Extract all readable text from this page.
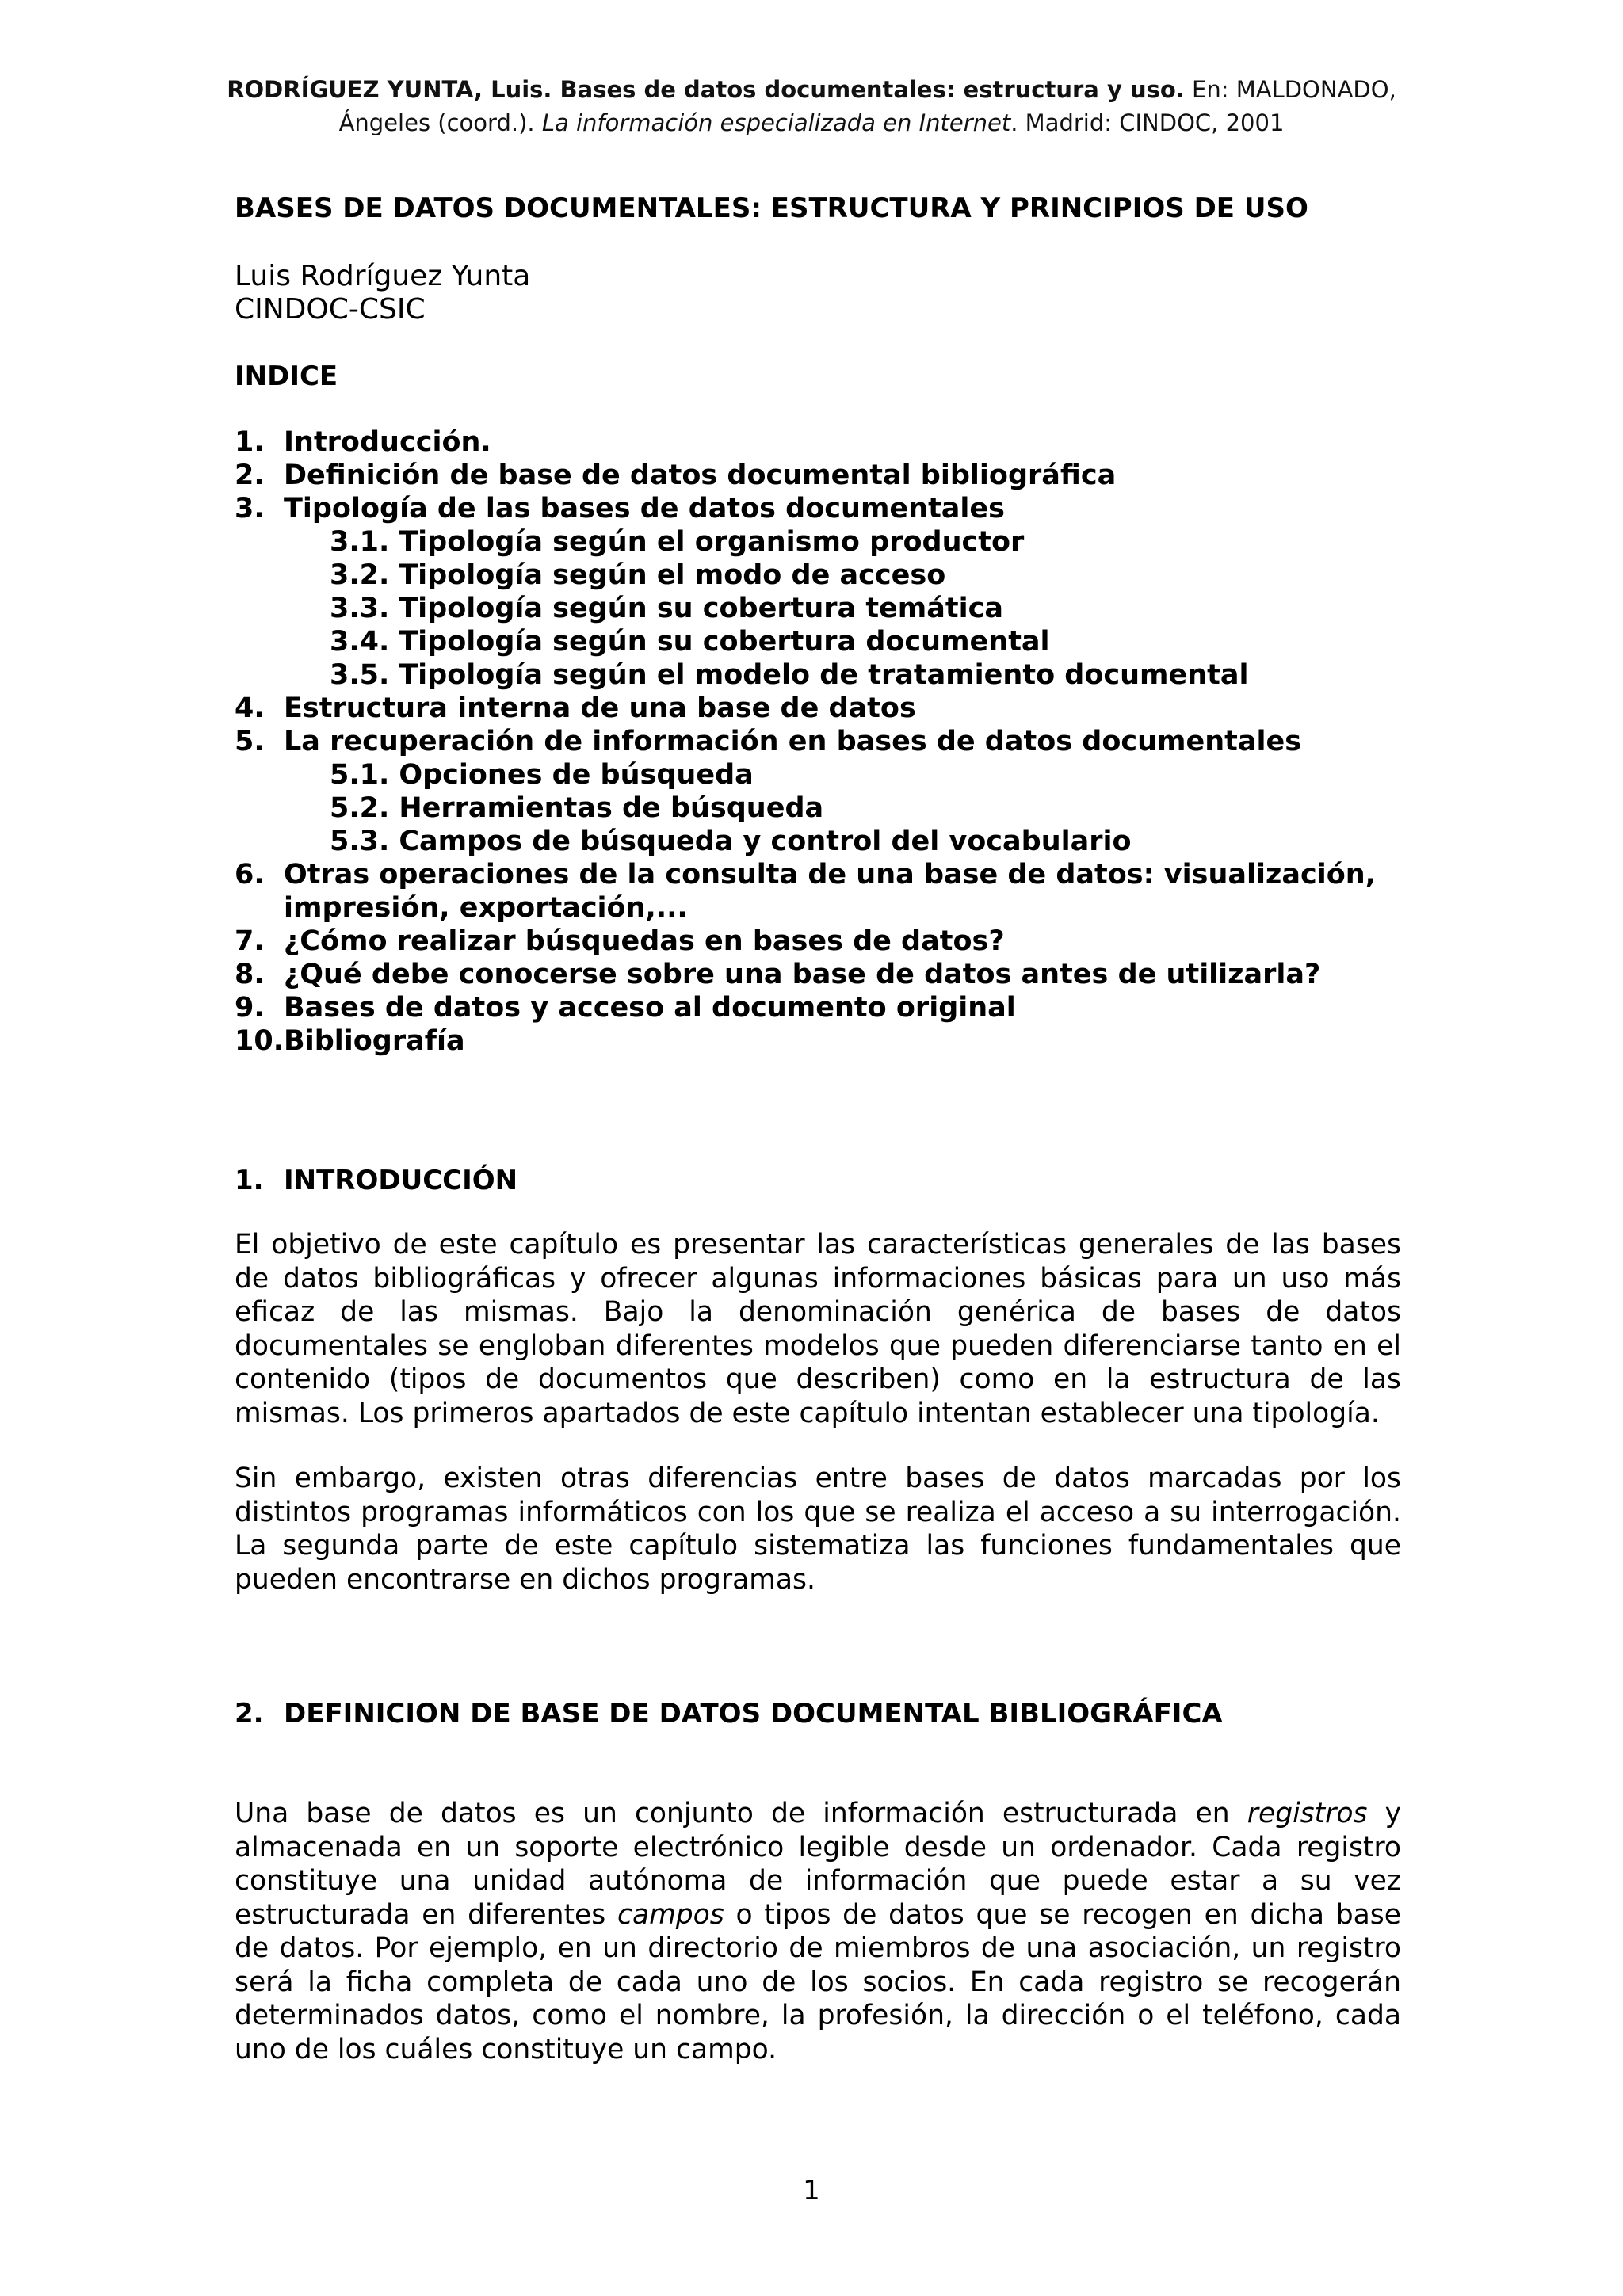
RODRÍGUEZ YUNTA, Luis. Bases de datos documentales: estructura y uso. En: MALDONADO,
Ángeles (coord.). La información especializada en Internet. Madrid: CINDOC, 2001
BASES DE DATOS DOCUMENTALES: ESTRUCTURA Y PRINCIPIOS DE USO
Luis Rodríguez Yunta
CINDOC-CSIC
INDICE
1. Introducción.
2. Definición de base de datos documental bibliográfica
3. Tipología de las bases de datos documentales
3.1. Tipología según el organismo productor
3.2. Tipología según el modo de acceso
3.3. Tipología según su cobertura temática
3.4. Tipología según su cobertura documental
3.5. Tipología según el modelo de tratamiento documental
4. Estructura interna de una base de datos
5. La recuperación de información en bases de datos documentales
5.1. Opciones de búsqueda
5.2. Herramientas de búsqueda
5.3. Campos de búsqueda y control del vocabulario
6. Otras operaciones de la consulta de una base de datos: visualización, impresión, exportación,...
7. ¿Cómo realizar búsquedas en bases de datos?
8. ¿Qué debe conocerse sobre una base de datos antes de utilizarla?
9. Bases de datos y acceso al documento original
10. Bibliografía
1. INTRODUCCIÓN

El objetivo de este capítulo es presentar las características generales de las bases de datos bibliográficas y ofrecer algunas informaciones básicas para un uso más eficaz de las mismas. Bajo la denominación genérica de bases de datos documentales se engloban diferentes modelos que pueden diferenciarse tanto en el contenido (tipos de documentos que describen) como en la estructura de las mismas. Los primeros apartados de este capítulo intentan establecer una tipología.

Sin embargo, existen otras diferencias entre bases de datos marcadas por los distintos programas informáticos con los que se realiza el acceso a su interrogación. La segunda parte de este capítulo sistematiza las funciones fundamentales que pueden encontrarse en dichos programas.

2. DEFINICION DE BASE DE DATOS DOCUMENTAL BIBLIOGRÁFICA

Una base de datos es un conjunto de información estructurada en registros y almacenada en un soporte electrónico legible desde un ordenador. Cada registro constituye una unidad autónoma de información que puede estar a su vez estructurada en diferentes campos o tipos de datos que se recogen en dicha base de datos. Por ejemplo, en un directorio de miembros de una asociación, un registro será la ficha completa de cada uno de los socios. En cada registro se recogerán determinados datos, como el nombre, la profesión, la dirección o el teléfono, cada uno de los cuáles constituye un campo.

1
